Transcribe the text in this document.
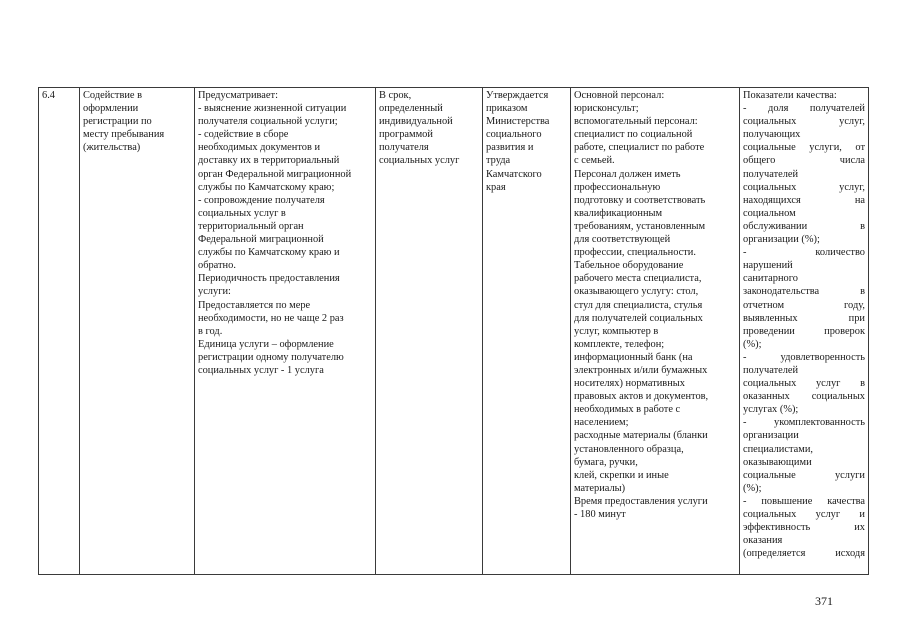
6.4	Содействие в
оформлении
регистрации по
месту пребывания
(жительства)

Предусматривает:
- выяснение жизненной ситуации
получателя социальной услуги;
- содействие в сборе
необходимых документов и
доставку их в территориальный
орган Федеральной миграционной
службы по Камчатскому краю;
- сопровождение получателя
социальных услуг в
территориальный орган
Федеральной миграционной
службы по Камчатскому краю и
обратно.
Периодичность предоставления
услуги:
Предоставляется по мере
необходимости, но не чаще 2 раз
в год.
Единица услуги – оформление
регистрации одному получателю
социальных услуг - 1 услуга

В срок,
определенный
индивидуальной
программой
получателя
социальных услуг

Утверждается
приказом
Министерства
социального
развития и
труда
Камчатского
края

Основной персонал:
юрисконсульт;
вспомогательный персонал:
специалист по социальной
работе, специалист по работе
с семьей.
Персонал должен иметь
профессиональную
подготовку и соответствовать
квалификационным
требованиям, установленным
для соответствующей
профессии, специальности.
Табельное оборудование
рабочего места специалиста,
оказывающего услугу: стол,
стул для специалиста, стулья
для получателей социальных
услуг, компьютер в
комплекте, телефон;
информационный банк (на
электронных и/или бумажных
носителях) нормативных
правовых актов и документов,
необходимых в работе с
населением;
расходные материалы (бланки
установленного образца,
бумага, ручки,
клей, скрепки и иные
материалы)
Время предоставления услуги
- 180 минут

Показатели качества:
- доля получателей
социальных услуг,
получающих
социальные услуги, от
общего числа
получателей
социальных услуг,
находящихся на
социальном
обслуживании в
организации (%);
- количество
нарушений
санитарного
законодательства в
отчетном году,
выявленных при
проведении проверок
(%);
- удовлетворенность
получателей
социальных услуг в
оказанных социальных
услугах (%);
- укомплектованность
организации
специалистами,
оказывающими
социальные услуги
(%);
- повышение качества
социальных услуг и
эффективность их
оказания
(определяется исходя
371
